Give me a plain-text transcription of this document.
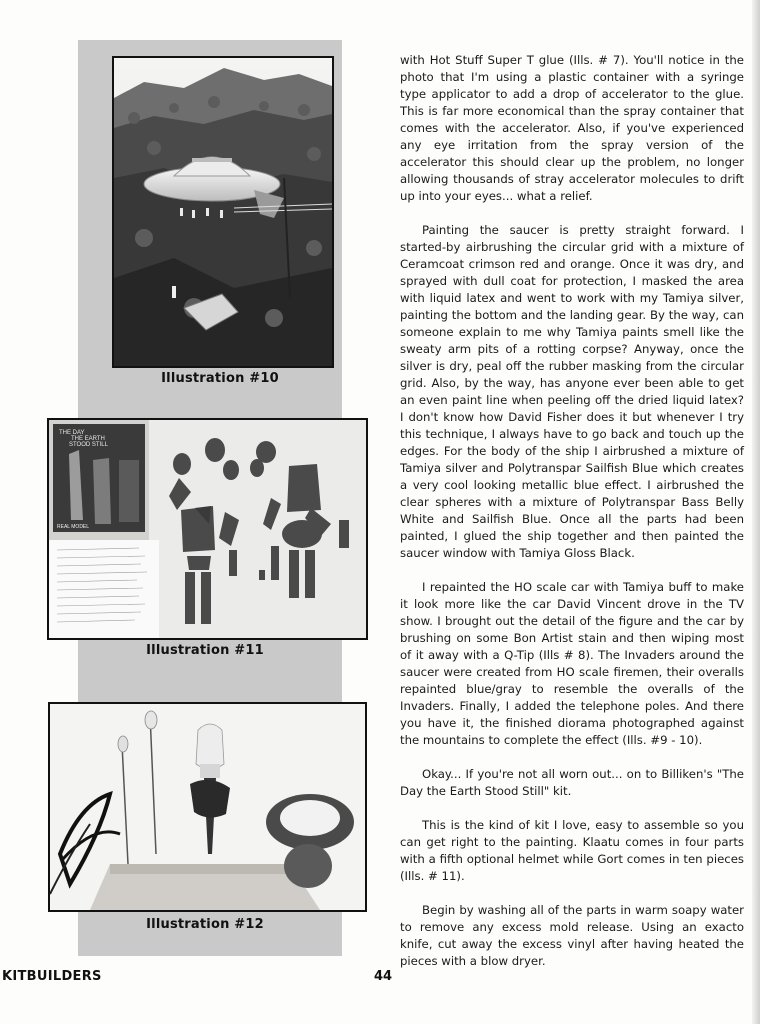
Illustration #10
THE DAY
THE EARTH
STOOD STILL
REAL MODEL
Illustration #11
Illustration #12

with Hot Stuff Super T glue (Ills. # 7). You'll notice in the photo that I'm using a plastic container with a syringe type applicator to add a drop of accelerator to the glue. This is far more economical than the spray container that comes with the accelerator. Also, if you've experienced any eye irritation from the spray version of the accelerator this should clear up the problem, no longer allowing thousands of stray accelerator molecules to drift up into your eyes... what a relief.

Painting the saucer is pretty straight forward. I started-by airbrushing the circular grid with a mixture of Ceramcoat crimson red and orange. Once it was dry, and sprayed with dull coat for protection, I masked the area with liquid latex and went to work with my Tamiya silver, painting the bottom and the landing gear. By the way, can someone explain to me why Tamiya paints smell like the sweaty arm pits of a rotting corpse? Anyway, once the silver is dry, peal off the rubber masking from the circular grid. Also, by the way, has anyone ever been able to get an even paint line when peeling off the dried liquid latex? I don't know how David Fisher does it but whenever I try this technique, I always have to go back and touch up the edges. For the body of the ship I airbrushed a mixture of Tamiya silver and Polytranspar Sailfish Blue which creates a very cool looking metallic blue effect. I airbrushed the clear spheres with a mixture of Polytranspar Bass Belly White and Sailfish Blue. Once all the parts had been painted, I glued the ship together and then painted the saucer window with Tamiya Gloss Black.

I repainted the HO scale car with Tamiya buff to make it look more like the car David Vincent drove in the TV show. I brought out the detail of the figure and the car by brushing on some Bon Artist stain and then wiping most of it away with a Q-Tip (Ills # 8). The Invaders around the saucer were created from HO scale firemen, their overalls repainted blue/gray to resemble the overalls of the Invaders. Finally, I added the telephone poles. And there you have it, the finished diorama photographed against the mountains to complete the effect (Ills. #9 - 10).

Okay... If you're not all worn out... on to Billiken's "The Day the Earth Stood Still" kit.

This is the kind of kit I love, easy to assemble so you can get right to the painting. Klaatu comes in four parts with a fifth optional helmet while Gort comes in ten pieces (Ills. # 11).

Begin by washing all of the parts in warm soapy water to remove any excess mold release. Using an exacto knife, cut away the excess vinyl after having heated the pieces with a blow dryer.

KITBUILDERS	44
